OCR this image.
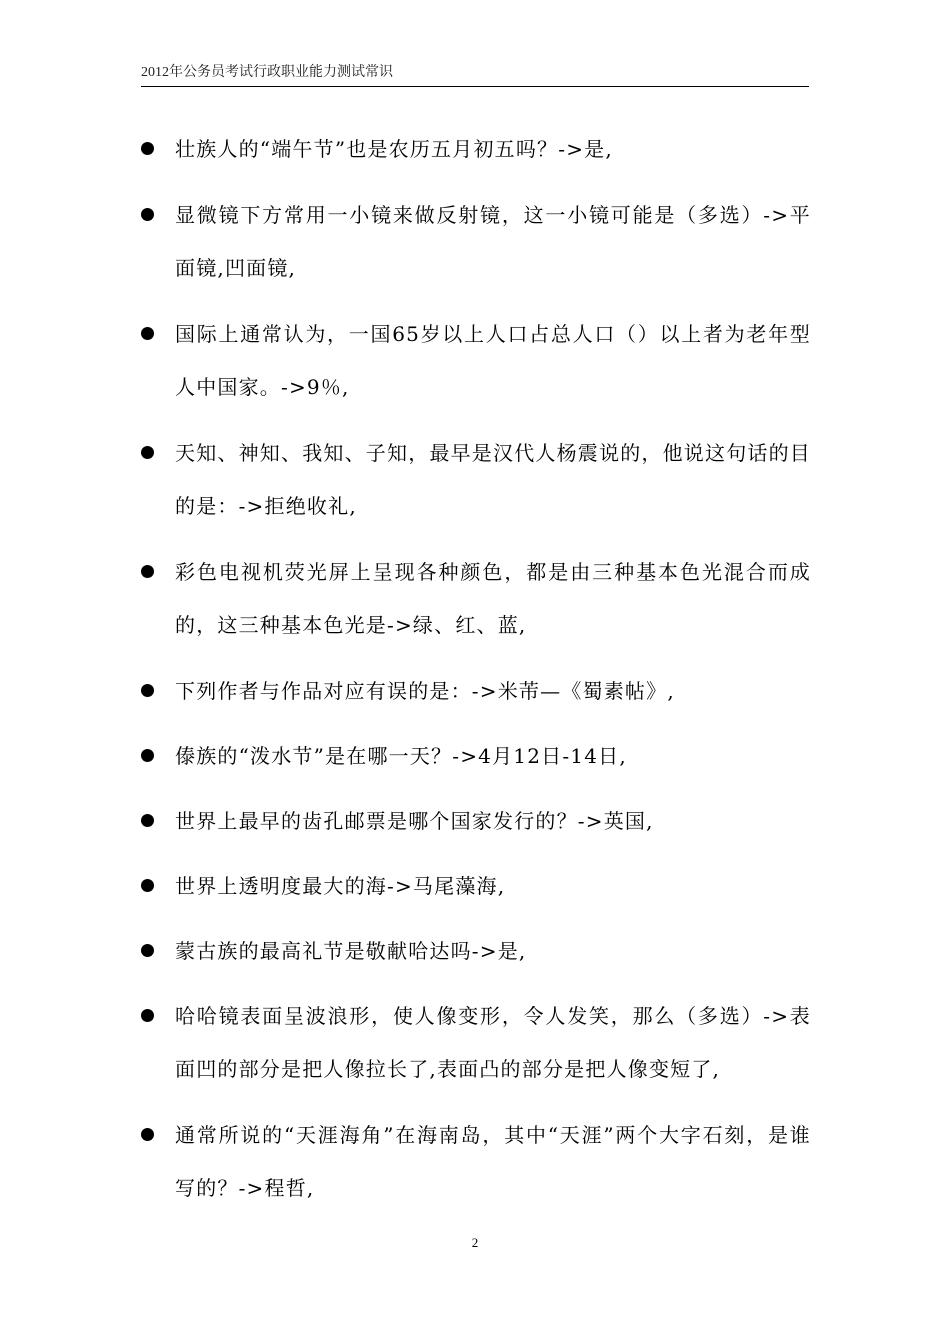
2012年公务员考试行政职业能力测试常识
壮族人的“端午节”也是农历五月初五吗？->是,
显微镜下方常用一小镜来做反射镜，这一小镜可能是（多选）->平面镜,凹面镜,
国际上通常认为，一国65岁以上人口占总人口（）以上者为老年型人中国家。->9％,
天知、神知、我知、子知，最早是汉代人杨震说的，他说这句话的目的是：->拒绝收礼,
彩色电视机荧光屏上呈现各种颜色，都是由三种基本色光混合而成的，这三种基本色光是->绿、红、蓝,
下列作者与作品对应有误的是：->米芾—《蜀素帖》,
傣族的“泼水节”是在哪一天？->4月12日-14日,
世界上最早的齿孔邮票是哪个国家发行的？->英国,
世界上透明度最大的海->马尾藻海,
蒙古族的最高礼节是敬献哈达吗->是,
哈哈镜表面呈波浪形，使人像变形，令人发笑，那么（多选）->表面凹的部分是把人像拉长了,表面凸的部分是把人像变短了,
通常所说的“天涯海角”在海南岛，其中“天涯”两个大字石刻，是谁写的？->程哲,
2
